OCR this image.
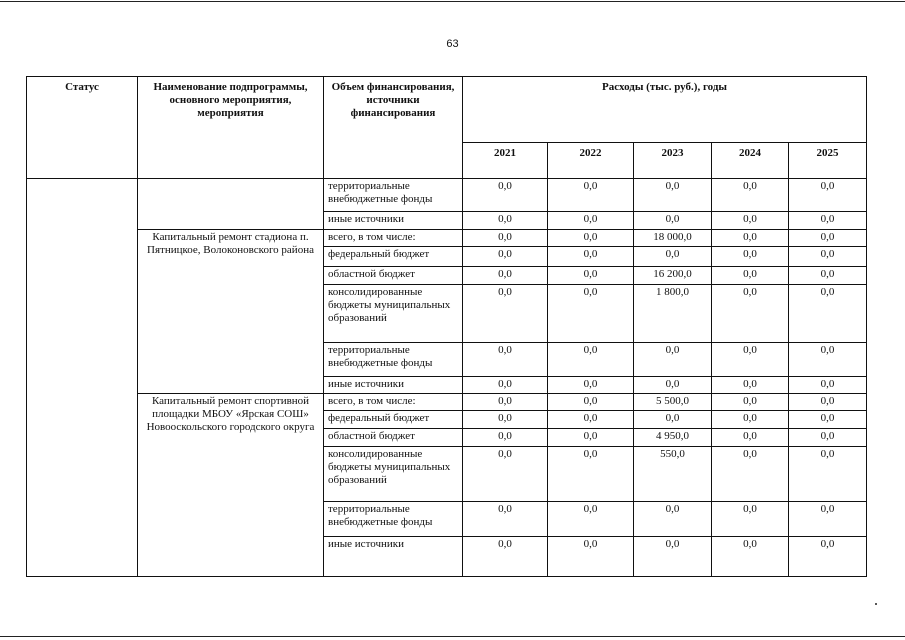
63
Статус	Наименование подпрограммы, основного мероприятия, мероприятия	Объем финансирования, источники финансирования	Расходы (тыс. руб.), годы				
			2021	2022	2023	2024	2025
		территориальные внебюджетные фонды	0,0	0,0	0,0	0,0	0,0
		иные источники	0,0	0,0	0,0	0,0	0,0
	Капитальный ремонт стадиона п. Пятницкое, Волоконовского района	всего, в том числе:	0,0	0,0	18 000,0	0,0	0,0
		федеральный бюджет	0,0	0,0	0,0	0,0	0,0
		областной бюджет	0,0	0,0	16 200,0	0,0	0,0
		консолидированные бюджеты муниципальных образований	0,0	0,0	1 800,0	0,0	0,0
		территориальные внебюджетные фонды	0,0	0,0	0,0	0,0	0,0
		иные источники	0,0	0,0	0,0	0,0	0,0
	Капитальный ремонт спортивной площадки МБОУ «Ярская СОШ» Новооскольского городского округа	всего, в том числе:	0,0	0,0	5 500,0	0,0	0,0
		федеральный бюджет	0,0	0,0	0,0	0,0	0,0
		областной бюджет	0,0	0,0	4 950,0	0,0	0,0
		консолидированные бюджеты муниципальных образований	0,0	0,0	550,0	0,0	0,0
		территориальные внебюджетные фонды	0,0	0,0	0,0	0,0	0,0
		иные источники	0,0	0,0	0,0	0,0	0,0
